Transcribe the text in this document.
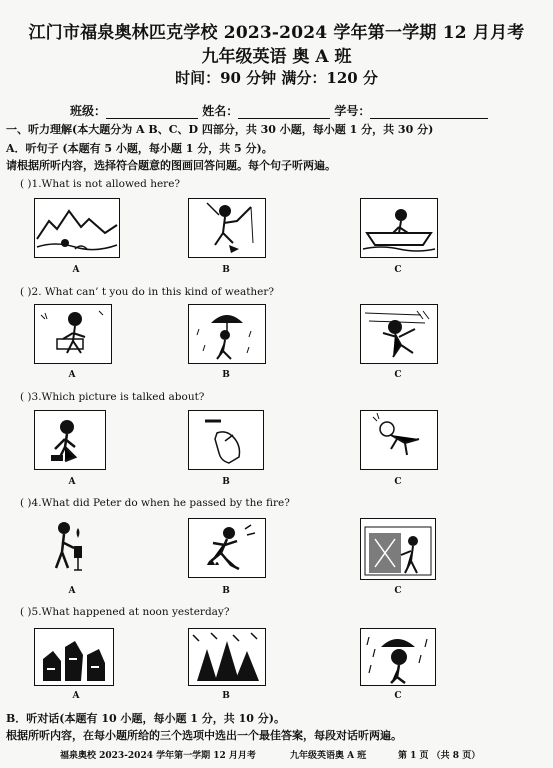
江门市福泉奥林匹克学校 2023-2024 学年第一学期 12 月月考
九年级英语 奥 A 班
时间：90 分钟 满分：120 分
班级：	姓名：	学号：
一、听力理解(本大题分为 A B、C、D 四部分，共 30 小题，每小题 1 分，共 30 分)
A．听句子 (本题有 5 小题，每小题 1 分，共 5 分)。
请根据所听内容，选择符合题意的图画回答问题。每个句子听两遍。
( )1.What is not allowed here?
A	B	C
( )2. What can’ t you do in this kind of weather?
A	B	C
( )3.Which picture is talked about?
A	B	C
( )4.What did Peter do when he passed by the fire?
A	B	C
( )5.What happened at noon yesterday?
A	B	C
B．听对话(本题有 10 小题，每小题 1 分，共 10 分)。
根据所听内容，在每小题所给的三个选项中选出一个最佳答案，每段对话听两遍。
福泉奥校 2023-2024 学年第一学期 12 月月考	九年级英语奥 A 班	第 1 页 （共 8 页）
